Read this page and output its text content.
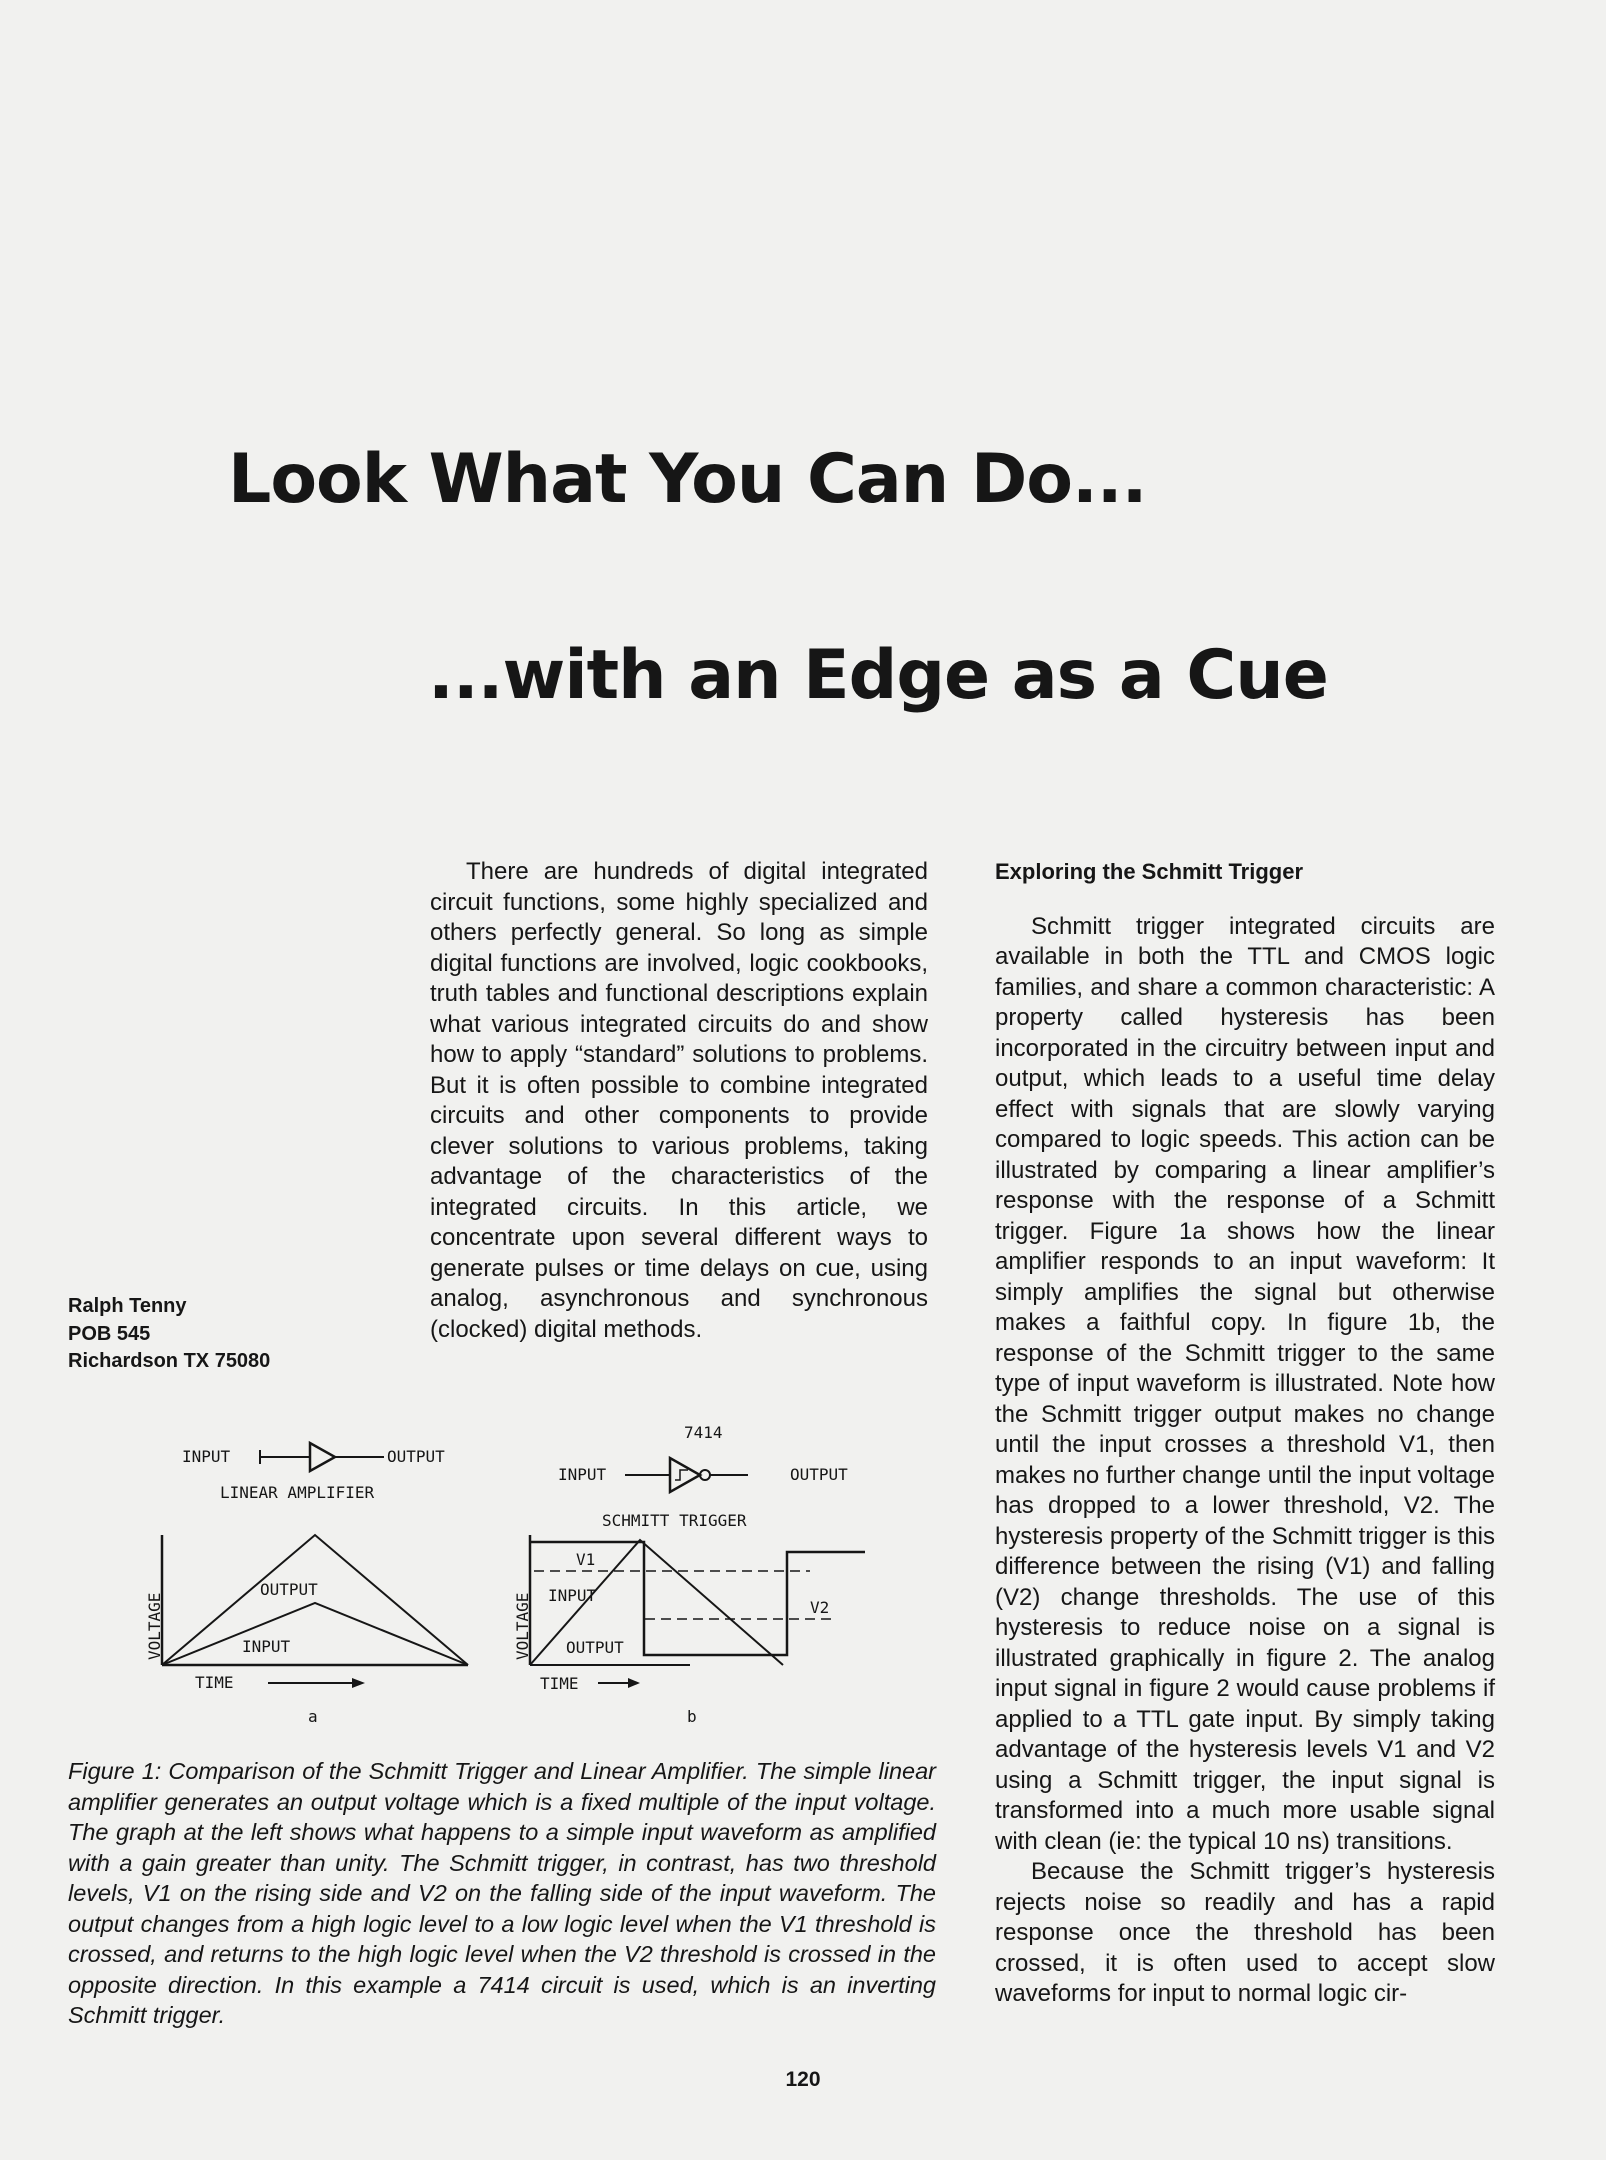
Look What You Can Do...
...with an Edge as a Cue

There are hundreds of digital integrated circuit functions, some highly specialized and others perfectly general. So long as simple digital functions are involved, logic cookbooks, truth tables and functional descriptions explain what various integrated circuits do and show how to apply “standard” solutions to problems. But it is often possible to combine integrated circuits and other components to provide clever solutions to various problems, taking advantage of the characteristics of the integrated circuits. In this article, we concentrate upon several different ways to generate pulses or time delays on cue, using analog, asynchronous and synchronous (clocked) digital methods.

Ralph Tenny
POB 545
Richardson TX 75080
Exploring the Schmitt Trigger

Schmitt trigger integrated circuits are available in both the TTL and CMOS logic families, and share a common characteristic: A property called hysteresis has been incorporated in the circuitry between input and output, which leads to a useful time delay effect with signals that are slowly varying compared to logic speeds. This action can be illustrated by comparing a linear amplifier’s response with the response of a Schmitt trigger. Figure 1a shows how the linear amplifier responds to an input waveform: It simply amplifies the signal but otherwise makes a faithful copy. In figure 1b, the response of the Schmitt trigger to the same type of input waveform is illustrated. Note how the Schmitt trigger output makes no change until the input crosses a threshold V1, then makes no further change until the input voltage has dropped to a lower threshold, V2. The hysteresis property of the Schmitt trigger is this difference between the rising (V1) and falling (V2) change thresholds. The use of this hysteresis to reduce noise on a signal is illustrated graphically in figure 2. The analog input signal in figure 2 would cause problems if applied to a TTL gate input. By simply taking advantage of the hysteresis levels V1 and V2 using a Schmitt trigger, the input signal is transformed into a much more usable signal with clean (ie: the typical 10 ns) transitions.

Because the Schmitt trigger’s hysteresis rejects noise so readily and has a rapid response once the threshold has been crossed, it is often used to accept slow waveforms for input to normal logic cir-

INPUT	OUTPUT
LINEAR AMPLIFIER
VOLTAGE
OUTPUT
INPUT
TIME
a
7414
INPUT	OUTPUT
SCHMITT TRIGGER
VOLTAGE
V1
V2
INPUT
OUTPUT
TIME
b

Figure 1: Comparison of the Schmitt Trigger and Linear Amplifier. The simple linear amplifier generates an output voltage which is a fixed multiple of the input voltage. The graph at the left shows what happens to a simple input waveform as amplified with a gain greater than unity. The Schmitt trigger, in contrast, has two threshold levels, V1 on the rising side and V2 on the falling side of the input waveform. The output changes from a high logic level to a low logic level when the V1 threshold is crossed, and returns to the high logic level when the V2 threshold is crossed in the opposite direction. In this example a 7414 circuit is used, which is an inverting Schmitt trigger.

120
